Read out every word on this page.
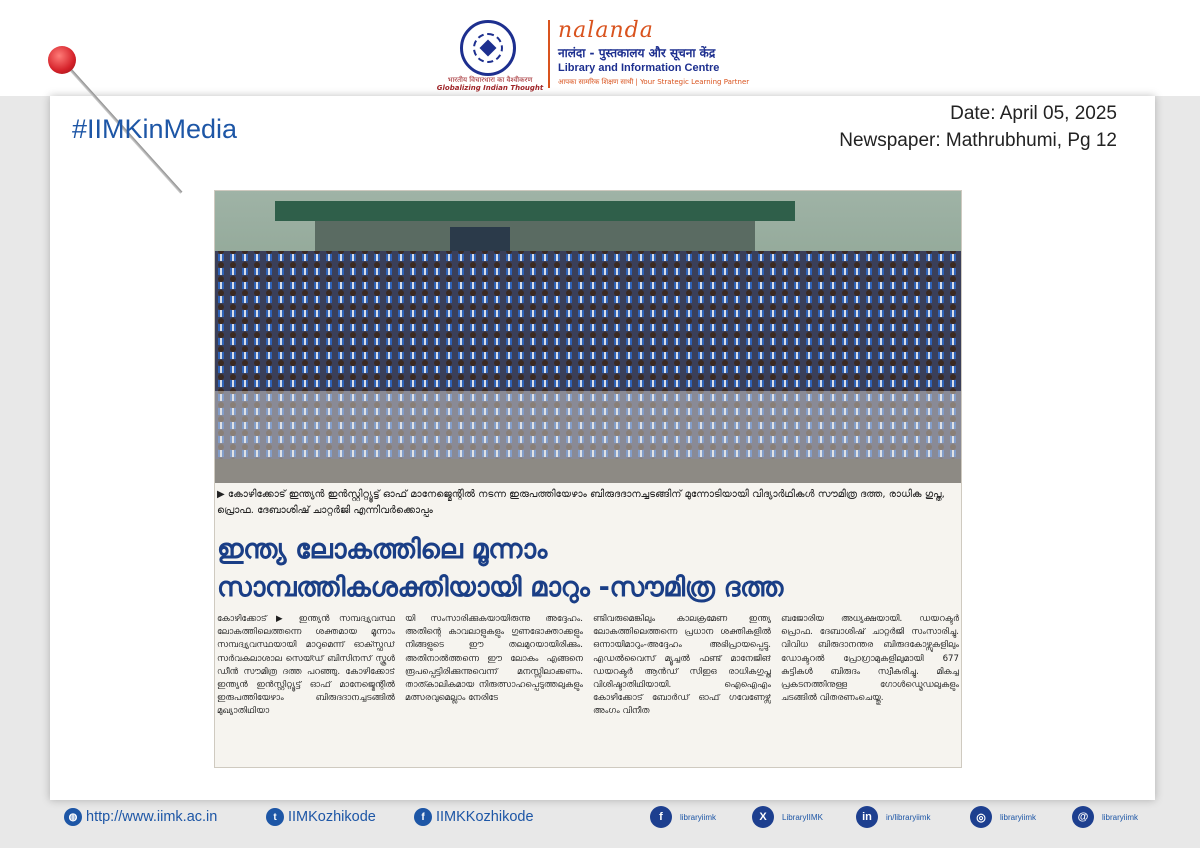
भारतीय विचारधारा का वैश्वीकरण
Globalizing Indian Thought
nalanda
नालंदा - पुस्तकालय और सूचना केंद्र
Library and Information Centre
आपका सामरिक शिक्षण साथी | Your Strategic Learning Partner
#IIMKinMedia
Date: April 05, 2025
Newspaper: Mathrubhumi, Pg 12
▶ കോഴിക്കോട് ഇന്ത്യൻ ഇൻസ്റ്റിറ്റ്യൂട്ട് ഓഫ് മാനേജ്മെന്റിൽ നടന്ന ഇരുപത്തിയേഴാം ബിരുദദാനച്ചടങ്ങിന് മുന്നോടിയായി വിദ്യാർഥികൾ സൗമിത്ര ദത്ത, രാധിക ഗുപ്ത, പ്രൊഫ. ദേബാശിഷ് ചാറ്റർജി എന്നിവർക്കൊപ്പം
ഇന്ത്യ ലോകത്തിലെ മൂന്നാം
സാമ്പത്തികശക്തിയായി മാറും -സൗമിത്ര ദത്ത
കോഴിക്കോട് ▶ ഇന്ത്യൻ സമ്പദ്വ്യവസ്ഥ ലോകത്തിലെത്തന്നെ ശക്തമായ മൂന്നാം സമ്പദ്വ്യവസ്ഥയായി മാറുമെന്ന് ഓക്സ്ഫഡ് സർവകലാശാല സെയ്ഡ് ബിസിനസ് സ്കൂൾ ഡീൻ സൗമിത്ര ദത്ത പറഞ്ഞു. കോഴിക്കോട് ഇന്ത്യൻ ഇൻസ്റ്റിറ്റ്യൂട്ട് ഓഫ് മാനേജ്മെന്റിൽ ഇരുപത്തിയേഴാം ബിരുദദാനച്ചടങ്ങിൽ മുഖ്യാതിഥിയാ
യി സംസാരിക്കുകയായിരുന്നു അദ്ദേഹം. അതിന്റെ കാവലാളുകളും ഗുണഭോക്താക്കളും നിങ്ങളുടെ ഈ തലമുറയായിരിക്കും. അതിനാൽത്തന്നെ ഈ ലോകം എങ്ങനെ രൂപപ്പെട്ടിരിക്കുന്നുവെന്ന് മനസ്സിലാക്കണം. താത്കാലികമായ നിരുത്സാഹപ്പെടുത്തലുകളും മത്സരവുമെല്ലാം നേരിടേ
ണ്ടിവരുമെങ്കിലും കാലക്രമേണ ഇന്ത്യ ലോകത്തിലെത്തന്നെ പ്രധാന ശക്തികളിൽ ഒന്നായിമാറും-അദ്ദേഹം അഭിപ്രായപ്പെട്ടു. എഡൽവൈസ് മ്യൂച്ചൽ ഫണ്ട് മാനേജിങ് ഡയറക്ടർ ആൻഡ് സിഇഒ രാധികഗുപ്ത വിശിഷ്ടാതിഥിയായി. ഐഐഎം കോഴിക്കോട് ബോർഡ് ഓഫ് ഗവേണേഴ്സ് അംഗം വിനീത
ബജോരിയ അധ്യക്ഷയായി. ഡയറക്ടർ പ്രൊഫ. ദേബാശിഷ് ചാറ്റർജി സംസാരിച്ചു. വിവിധ ബിരുദാനന്തര ബിരുദകോഴ്സുകളിലും ഡോക്ടറൽ പ്രോഗ്രാമുകളിലുമായി 677 കുട്ടികൾ ബിരുദം സ്വീകരിച്ചു. മികച്ച പ്രകടനത്തിനുള്ള ഗോൾഡ്മെഡലുകളും ചടങ്ങിൽ വിതരണംചെയ്തു.
◍ http://www.iimk.ac.in	t IIMKozhikode	f IIMKKozhikode	f	libraryiimk	X	LibraryIIMK	in	in/libraryiimk	◎	libraryiimk	@	libraryiimk
